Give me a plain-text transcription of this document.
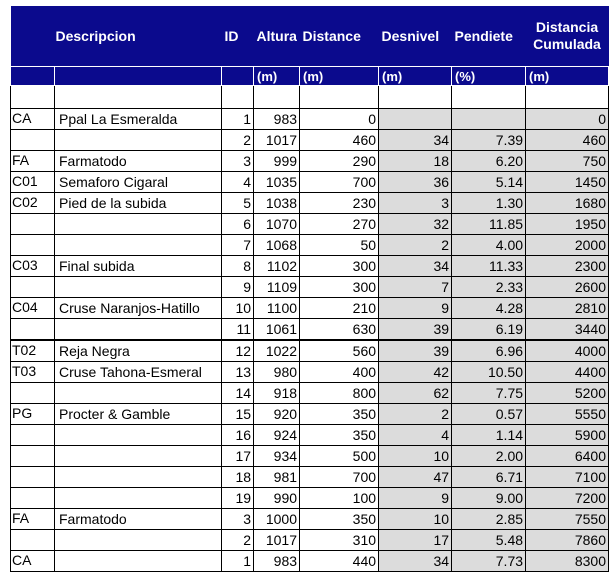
Descripcion		ID	Altura	Distance	Desnivel	Pendiete	Distancia
Cumulada
			(m)	(m)	(m)	(%)	(m)

CA	Ppal La Esmeralda	1	983	0			0
		2	1017	460	34	7.39	460
FA	Farmatodo	3	999	290	18	6.20	750
C01	Semaforo Cigaral	4	1035	700	36	5.14	1450
C02	Pied de la subida	5	1038	230	3	1.30	1680
		6	1070	270	32	11.85	1950
		7	1068	50	2	4.00	2000
C03	Final subida	8	1102	300	34	11.33	2300
		9	1109	300	7	2.33	2600
C04	Cruse Naranjos-Hatillo	10	1100	210	9	4.28	2810
		11	1061	630	39	6.19	3440
T02	Reja Negra	12	1022	560	39	6.96	4000
T03	Cruse Tahona-Esmeral	13	980	400	42	10.50	4400
		14	918	800	62	7.75	5200
PG	Procter & Gamble	15	920	350	2	0.57	5550
		16	924	350	4	1.14	5900
		17	934	500	10	2.00	6400
		18	981	700	47	6.71	7100
		19	990	100	9	9.00	7200
FA	Farmatodo	3	1000	350	10	2.85	7550
		2	1017	310	17	5.48	7860
CA		1	983	440	34	7.73	8300
